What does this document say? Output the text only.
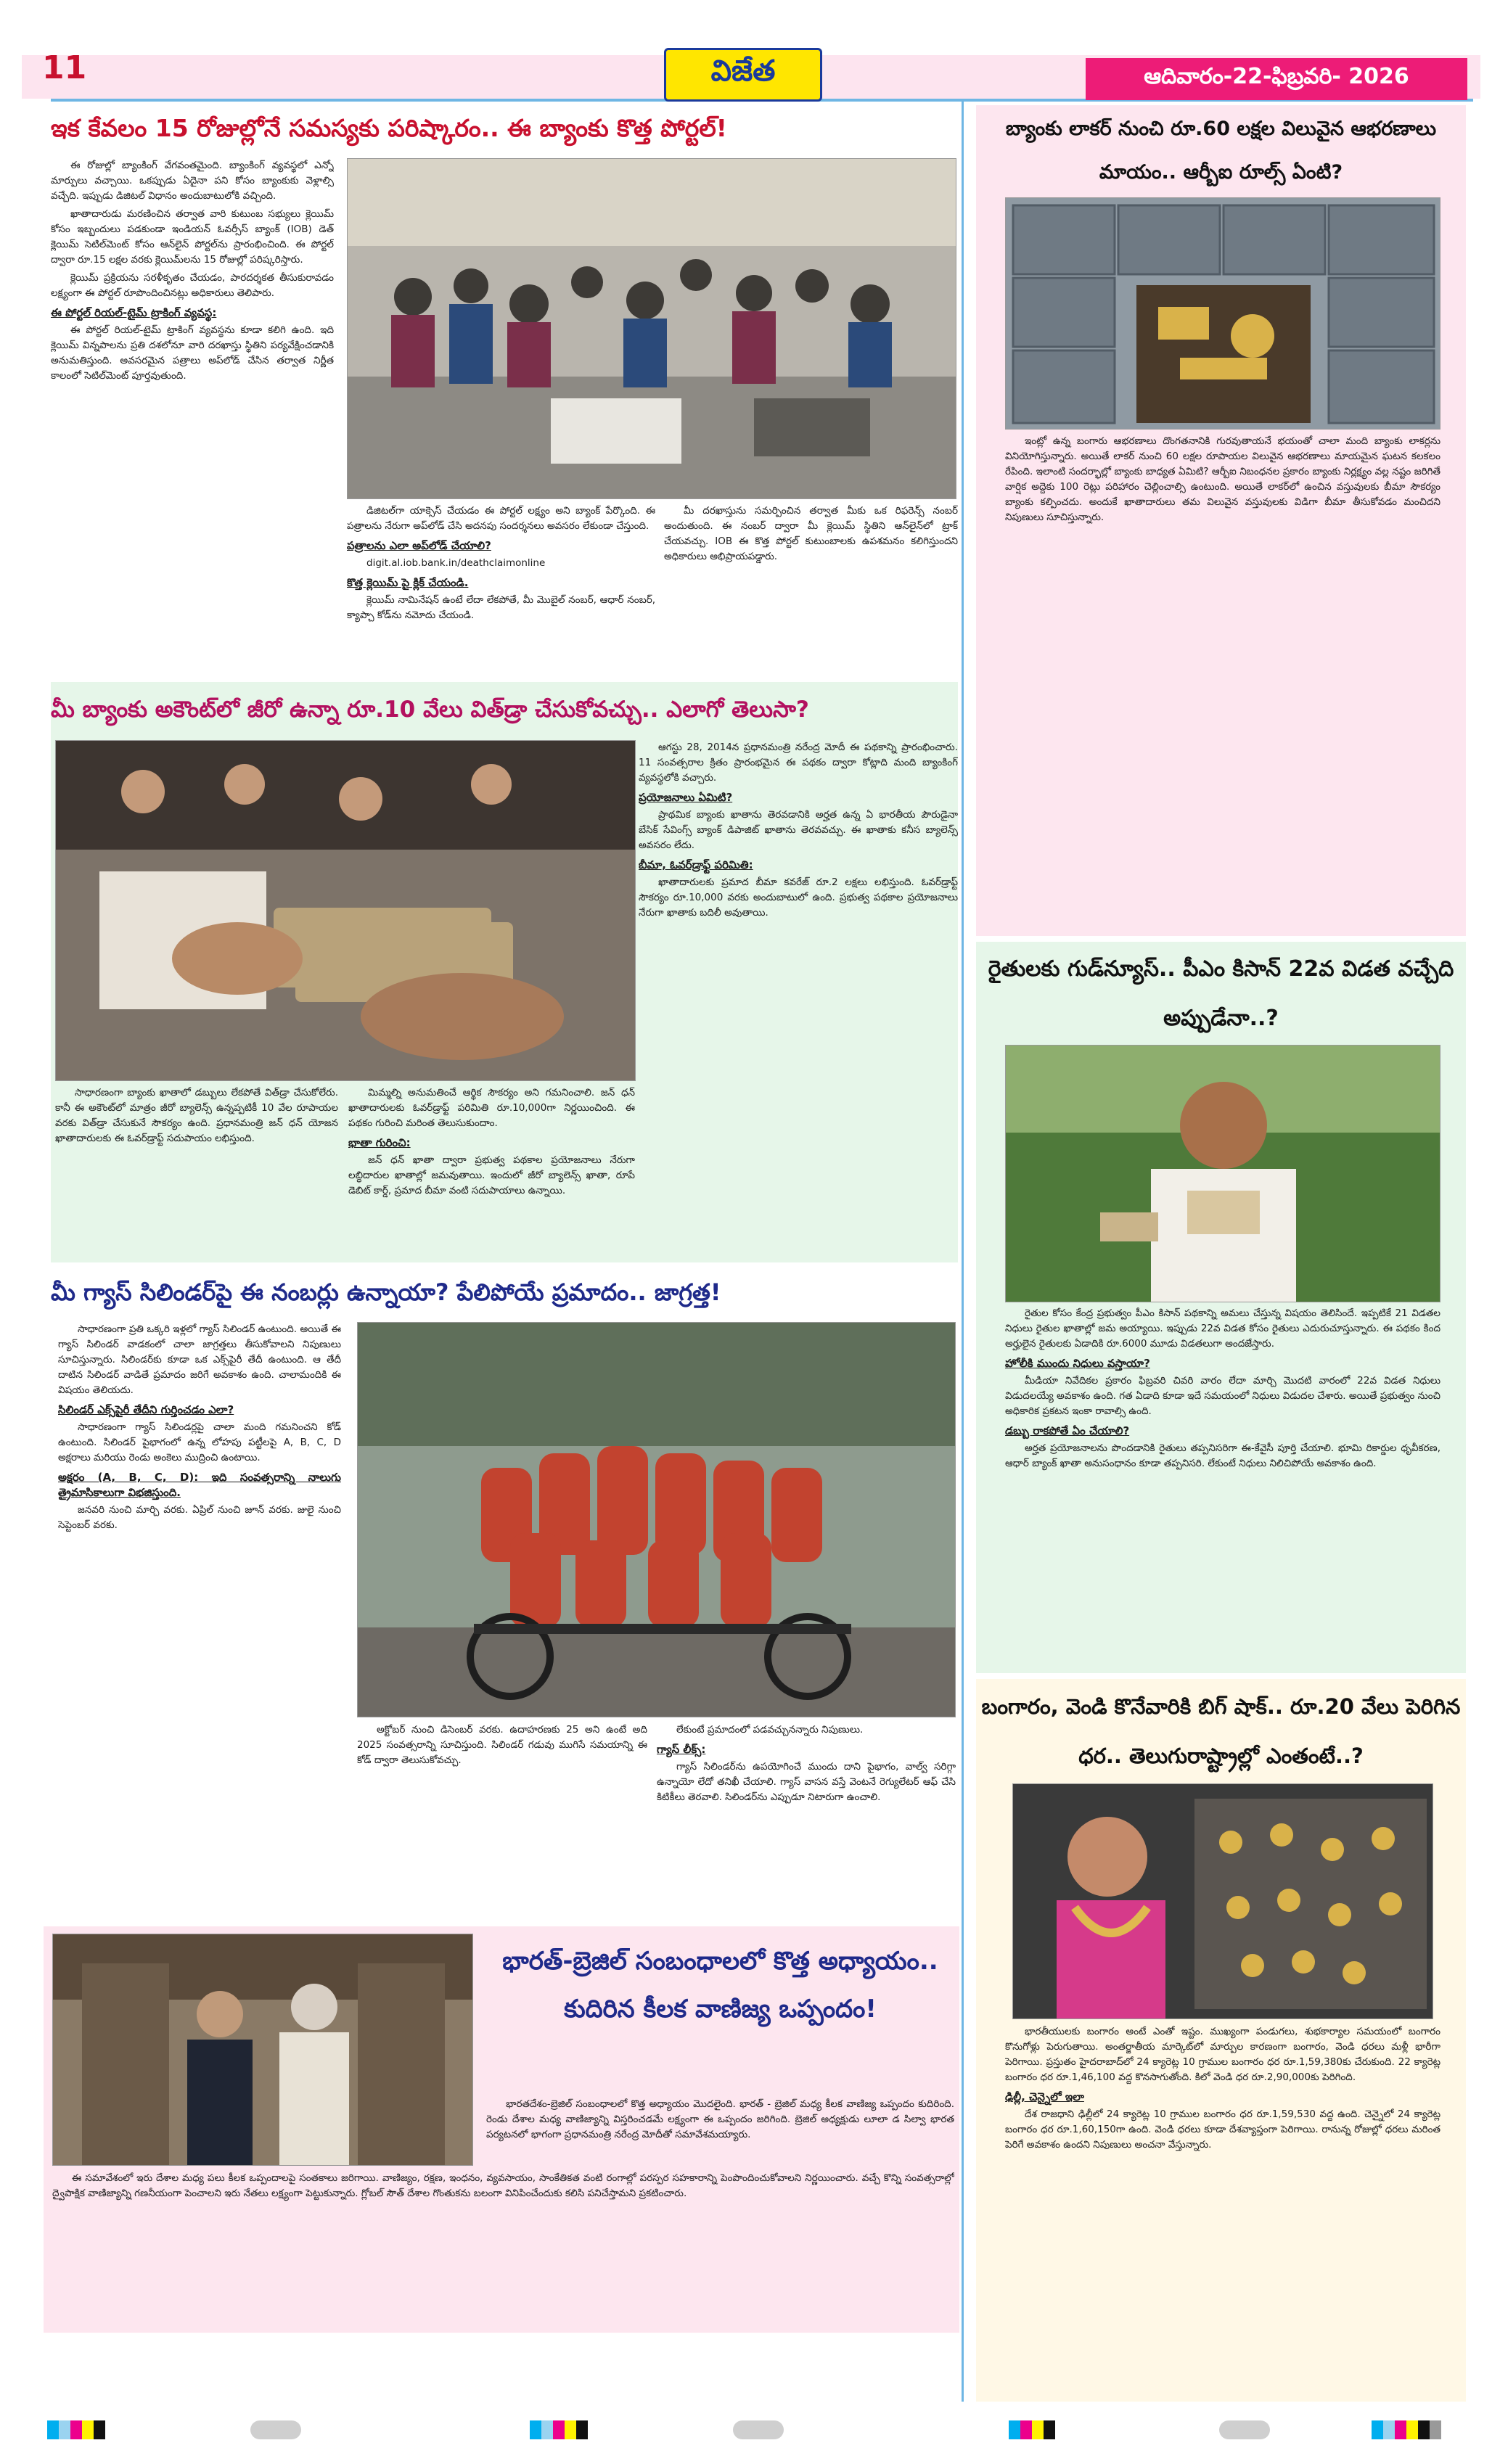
11	విజేత	ఆదివారం-22-ఫిబ్రవరి- 2026
ఇక కేవలం 15 రోజుల్లోనే సమస్యకు పరిష్కారం.. ఈ బ్యాంకు కొత్త పోర్టల్!

ఈ రోజుల్లో బ్యాంకింగ్ వేగవంతమైంది. బ్యాంకింగ్ వ్యవస్థలో ఎన్నో మార్పులు వచ్చాయి. ఒకప్పుడు ఏదైనా పని కోసం బ్యాంకుకు వెళ్లాల్సి వచ్చేది. ఇప్పుడు డిజిటల్ విధానం అందుబాటులోకి వచ్చింది.

ఖాతాదారుడు మరణించిన తర్వాత వారి కుటుంబ సభ్యులు క్లెయిమ్ కోసం ఇబ్బందులు పడకుండా ఇండియన్ ఓవర్సీస్ బ్యాంక్ (IOB) డెత్ క్లెయిమ్ సెటిల్‌మెంట్ కోసం ఆన్‌లైన్ పోర్టల్‌ను ప్రారంభించింది. ఈ పోర్టల్ ద్వారా రూ.15 లక్షల వరకు క్లెయిమ్‌లను 15 రోజుల్లో పరిష్కరిస్తారు.

క్లెయిమ్ ప్రక్రియను సరళీకృతం చేయడం, పారదర్శకత తీసుకురావడం లక్ష్యంగా ఈ పోర్టల్ రూపొందించినట్లు అధికారులు తెలిపారు.

ఈ పోర్టల్ రియల్-టైమ్ ట్రాకింగ్ వ్యవస్థ:

ఈ పోర్టల్ రియల్-టైమ్ ట్రాకింగ్ వ్యవస్థను కూడా కలిగి ఉంది. ఇది క్లెయిమ్ విన్నపాలను ప్రతి దశలోనూ వారి దరఖాస్తు స్థితిని పర్యవేక్షించడానికి అనుమతిస్తుంది. అవసరమైన పత్రాలు అప్‌లోడ్ చేసిన తర్వాత నిర్ణీత కాలంలో సెటిల్‌మెంట్ పూర్తవుతుంది.

డిజిటల్‌గా యాక్సెస్ చేయడం ఈ పోర్టల్ లక్ష్యం అని బ్యాంక్ పేర్కొంది. ఈ పత్రాలను నేరుగా అప్‌లోడ్ చేసి అదనపు సందర్శనలు అవసరం లేకుండా చేస్తుంది.

పత్రాలను ఎలా అప్‌లోడ్ చేయాలి?

digit.al.iob.bank.in/deathclaimonline

కొత్త క్లెయిమ్‌ పై క్లిక్ చేయండి.

క్లెయిమ్ నామినేషన్ ఉంటే లేదా లేకపోతే, మీ మొబైల్ నంబర్, ఆధార్ నంబర్, క్యాప్చా కోడ్‌ను నమోదు చేయండి.

మీ దరఖాస్తును సమర్పించిన తర్వాత మీకు ఒక రిఫరెన్స్ నంబర్ అందుతుంది. ఈ నంబర్ ద్వారా మీ క్లెయిమ్ స్థితిని ఆన్‌లైన్‌లో ట్రాక్ చేయవచ్చు. IOB ఈ కొత్త పోర్టల్ కుటుంబాలకు ఉపశమనం కలిగిస్తుందని అధికారులు అభిప్రాయపడ్డారు.

మీ బ్యాంకు అకౌంట్‌లో జీరో ఉన్నా రూ.10 వేలు విత్‌డ్రా చేసుకోవచ్చు.. ఎలాగో తెలుసా?

ఆగస్టు 28, 2014న ప్రధానమంత్రి నరేంద్ర మోదీ ఈ పథకాన్ని ప్రారంభించారు. 11 సంవత్సరాల క్రితం ప్రారంభమైన ఈ పథకం ద్వారా కోట్లాది మంది బ్యాంకింగ్ వ్యవస్థలోకి వచ్చారు.

ప్రయోజనాలు ఏమిటి?

ప్రాథమిక బ్యాంకు ఖాతాను తెరవడానికి అర్హత ఉన్న ఏ భారతీయ పౌరుడైనా బేసిక్ సేవింగ్స్ బ్యాంక్ డిపాజిట్ ఖాతాను తెరవవచ్చు. ఈ ఖాతాకు కనీస బ్యాలెన్స్ అవసరం లేదు.

బీమా, ఓవర్‌డ్రాఫ్ట్ పరిమితి:

ఖాతాదారులకు ప్రమాద బీమా కవరేజ్ రూ.2 లక్షలు లభిస్తుంది. ఓవర్‌డ్రాఫ్ట్ సౌకర్యం రూ.10,000 వరకు అందుబాటులో ఉంది. ప్రభుత్వ పథకాల ప్రయోజనాలు నేరుగా ఖాతాకు బదిలీ అవుతాయి.

సాధారణంగా బ్యాంకు ఖాతాలో డబ్బులు లేకపోతే విత్‌డ్రా చేసుకోలేరు. కానీ ఈ అకౌంట్‌లో మాత్రం జీరో బ్యాలెన్స్ ఉన్నప్పటికీ 10 వేల రూపాయల వరకు విత్‌డ్రా చేసుకునే సౌకర్యం ఉంది. ప్రధానమంత్రి జన్ ధన్ యోజన ఖాతాదారులకు ఈ ఓవర్‌డ్రాఫ్ట్ సదుపాయం లభిస్తుంది.

మిమ్మల్ని అనుమతించే ఆర్థిక సౌకర్యం అని గమనించాలి. జన్ ధన్ ఖాతాదారులకు ఓవర్‌డ్రాఫ్ట్ పరిమితి రూ.10,000గా నిర్ణయించింది. ఈ పథకం గురించి మరింత తెలుసుకుందాం.

భాతా గురించి:

జన్ ధన్ ఖాతా ద్వారా ప్రభుత్వ పథకాల ప్రయోజనాలు నేరుగా లబ్ధిదారుల ఖాతాల్లో జమవుతాయి. ఇందులో జీరో బ్యాలెన్స్ ఖాతా, రూపే డెబిట్ కార్డ్, ప్రమాద బీమా వంటి సదుపాయాలు ఉన్నాయి.

మీ గ్యాస్ సిలిండర్‌పై ఈ నంబర్లు ఉన్నాయా? పేలిపోయే ప్రమాదం.. జాగ్రత్త!

సాధారణంగా ప్రతి ఒక్కరి ఇళ్లలో గ్యాస్ సిలిండర్ ఉంటుంది. అయితే ఈ గ్యాస్ సిలిండర్ వాడకంలో చాలా జాగ్రత్తలు తీసుకోవాలని నిపుణులు సూచిస్తున్నారు. సిలిండర్‌కు కూడా ఒక ఎక్స్‌పైరీ తేదీ ఉంటుంది. ఆ తేదీ దాటిన సిలిండర్ వాడితే ప్రమాదం జరిగే అవకాశం ఉంది. చాలామందికి ఈ విషయం తెలియదు.

సిలిండర్ ఎక్స్‌పైరీ తేదీని గుర్తించడం ఎలా?

సాధారణంగా గ్యాస్ సిలిండర్లపై చాలా మంది గమనించని కోడ్ ఉంటుంది. సిలిండర్ పైభాగంలో ఉన్న లోహపు పట్టీలపై A, B, C, D అక్షరాలు మరియు రెండు అంకెలు ముద్రించి ఉంటాయి.

అక్షరం (A, B, C, D): ఇది సంవత్సరాన్ని నాలుగు త్రైమాసికాలుగా విభజిస్తుంది.

జనవరి నుంచి మార్చి వరకు. ఏప్రిల్ నుంచి జూన్ వరకు. జులై నుంచి సెప్టెంబర్ వరకు.

అక్టోబర్ నుంచి డిసెంబర్ వరకు. ఉదాహరణకు 25 అని ఉంటే అది 2025 సంవత్సరాన్ని సూచిస్తుంది. సిలిండర్ గడువు ముగిసే సమయాన్ని ఈ కోడ్ ద్వారా తెలుసుకోవచ్చు.

లేకుంటే ప్రమాదంలో పడవచ్చునన్నారు నిపుణులు.

గ్యాస్ లీక్స్:

గ్యాస్ సిలిండర్‌ను ఉపయోగించే ముందు దాని పైభాగం, వాల్వ్ సరిగ్గా ఉన్నాయో లేదో తనిఖీ చేయాలి. గ్యాస్ వాసన వస్తే వెంటనే రెగ్యులేటర్ ఆఫ్ చేసి కిటికీలు తెరవాలి. సిలిండర్‌ను ఎప్పుడూ నిటారుగా ఉంచాలి.

భారత్-బ్రెజిల్ సంబంధాలలో కొత్త అధ్యాయం.. కుదిరిన కీలక వాణిజ్య ఒప్పందం!

భారతదేశం-బ్రెజిల్ సంబంధాలలో కొత్త అధ్యాయం మొదలైంది. భారత్ - బ్రెజిల్ మధ్య కీలక వాణిజ్య ఒప్పందం కుదిరింది. రెండు దేశాల మధ్య వాణిజ్యాన్ని విస్తరించడమే లక్ష్యంగా ఈ ఒప్పందం జరిగింది. బ్రెజిల్ అధ్యక్షుడు లూలా డ సిల్వా భారత పర్యటనలో భాగంగా ప్రధానమంత్రి నరేంద్ర మోదీతో సమావేశమయ్యారు.

ఈ సమావేశంలో ఇరు దేశాల మధ్య పలు కీలక ఒప్పందాలపై సంతకాలు జరిగాయి. వాణిజ్యం, రక్షణ, ఇంధనం, వ్యవసాయం, సాంకేతికత వంటి రంగాల్లో పరస్పర సహకారాన్ని పెంపొందించుకోవాలని నిర్ణయించారు. వచ్చే కొన్ని సంవత్సరాల్లో ద్వైపాక్షిక వాణిజ్యాన్ని గణనీయంగా పెంచాలని ఇరు నేతలు లక్ష్యంగా పెట్టుకున్నారు. గ్లోబల్ సౌత్ దేశాల గొంతుకను బలంగా వినిపించేందుకు కలిసి పనిచేస్తామని ప్రకటించారు.

బ్యాంకు లాకర్ నుంచి రూ.60 లక్షల విలువైన ఆభరణాలు మాయం.. ఆర్బీఐ రూల్స్ ఏంటి?

ఇంట్లో ఉన్న బంగారు ఆభరణాలు దొంగతనానికి గురవుతాయనే భయంతో చాలా మంది బ్యాంకు లాకర్లను వినియోగిస్తున్నారు. అయితే లాకర్ నుంచి 60 లక్షల రూపాయల విలువైన ఆభరణాలు మాయమైన ఘటన కలకలం రేపింది. ఇలాంటి సందర్భాల్లో బ్యాంకు బాధ్యత ఏమిటి? ఆర్బీఐ నిబంధనల ప్రకారం బ్యాంకు నిర్లక్ష్యం వల్ల నష్టం జరిగితే వార్షిక అద్దెకు 100 రెట్లు పరిహారం చెల్లించాల్సి ఉంటుంది. అయితే లాకర్‌లో ఉంచిన వస్తువులకు బీమా సౌకర్యం బ్యాంకు కల్పించదు. అందుకే ఖాతాదారులు తమ విలువైన వస్తువులకు విడిగా బీమా తీసుకోవడం మంచిదని నిపుణులు సూచిస్తున్నారు.

రైతులకు గుడ్‌న్యూస్.. పీఎం కిసాన్ 22వ విడత వచ్చేది అప్పుడేనా..?

రైతుల కోసం కేంద్ర ప్రభుత్వం పీఎం కిసాన్ పథకాన్ని అమలు చేస్తున్న విషయం తెలిసిందే. ఇప్పటికే 21 విడతల నిధులు రైతుల ఖాతాల్లో జమ అయ్యాయి. ఇప్పుడు 22వ విడత కోసం రైతులు ఎదురుచూస్తున్నారు. ఈ పథకం కింద అర్హులైన రైతులకు ఏడాదికి రూ.6000 మూడు విడతలుగా అందజేస్తారు.

హోలీకి ముందు నిధులు వస్తాయా?

మీడియా నివేదికల ప్రకారం ఫిబ్రవరి చివరి వారం లేదా మార్చి మొదటి వారంలో 22వ విడత నిధులు విడుదలయ్యే అవకాశం ఉంది. గత ఏడాది కూడా ఇదే సమయంలో నిధులు విడుదల చేశారు. అయితే ప్రభుత్వం నుంచి అధికారిక ప్రకటన ఇంకా రావాల్సి ఉంది.

డబ్బు రాకపోతే ఏం చేయాలి?

అర్హత ప్రయోజనాలను పొందడానికి రైతులు తప్పనిసరిగా ఈ-కేవైసీ పూర్తి చేయాలి. భూమి రికార్డుల ధృవీకరణ, ఆధార్ బ్యాంక్ ఖాతా అనుసంధానం కూడా తప్పనిసరి. లేకుంటే నిధులు నిలిచిపోయే అవకాశం ఉంది.

బంగారం, వెండి కొనేవారికి బిగ్ షాక్.. రూ.20 వేలు పెరిగిన ధర.. తెలుగురాష్ట్రాల్లో ఎంతంటే..?

భారతీయులకు బంగారం అంటే ఎంతో ఇష్టం. ముఖ్యంగా పండుగలు, శుభకార్యాల సమయంలో బంగారం కొనుగోళ్లు పెరుగుతాయి. అంతర్జాతీయ మార్కెట్‌లో మార్పుల కారణంగా బంగారం, వెండి ధరలు మళ్లీ భారీగా పెరిగాయి. ప్రస్తుతం హైదరాబాద్‌లో 24 క్యారెట్ల 10 గ్రాముల బంగారం ధర రూ.1,59,380కు చేరుకుంది. 22 క్యారెట్ల బంగారం ధర రూ.1,46,100 వద్ద కొనసాగుతోంది. కిలో వెండి ధర రూ.2,90,000కు పెరిగింది.

ఢిల్లీ, చెన్నైలో ఇలా

దేశ రాజధాని ఢిల్లీలో 24 క్యారెట్ల 10 గ్రాముల బంగారం ధర రూ.1,59,530 వద్ద ఉంది. చెన్నైలో 24 క్యారెట్ల బంగారం ధర రూ.1,60,150గా ఉంది. వెండి ధరలు కూడా దేశవ్యాప్తంగా పెరిగాయి. రానున్న రోజుల్లో ధరలు మరింత పెరిగే అవకాశం ఉందని నిపుణులు అంచనా వేస్తున్నారు.
